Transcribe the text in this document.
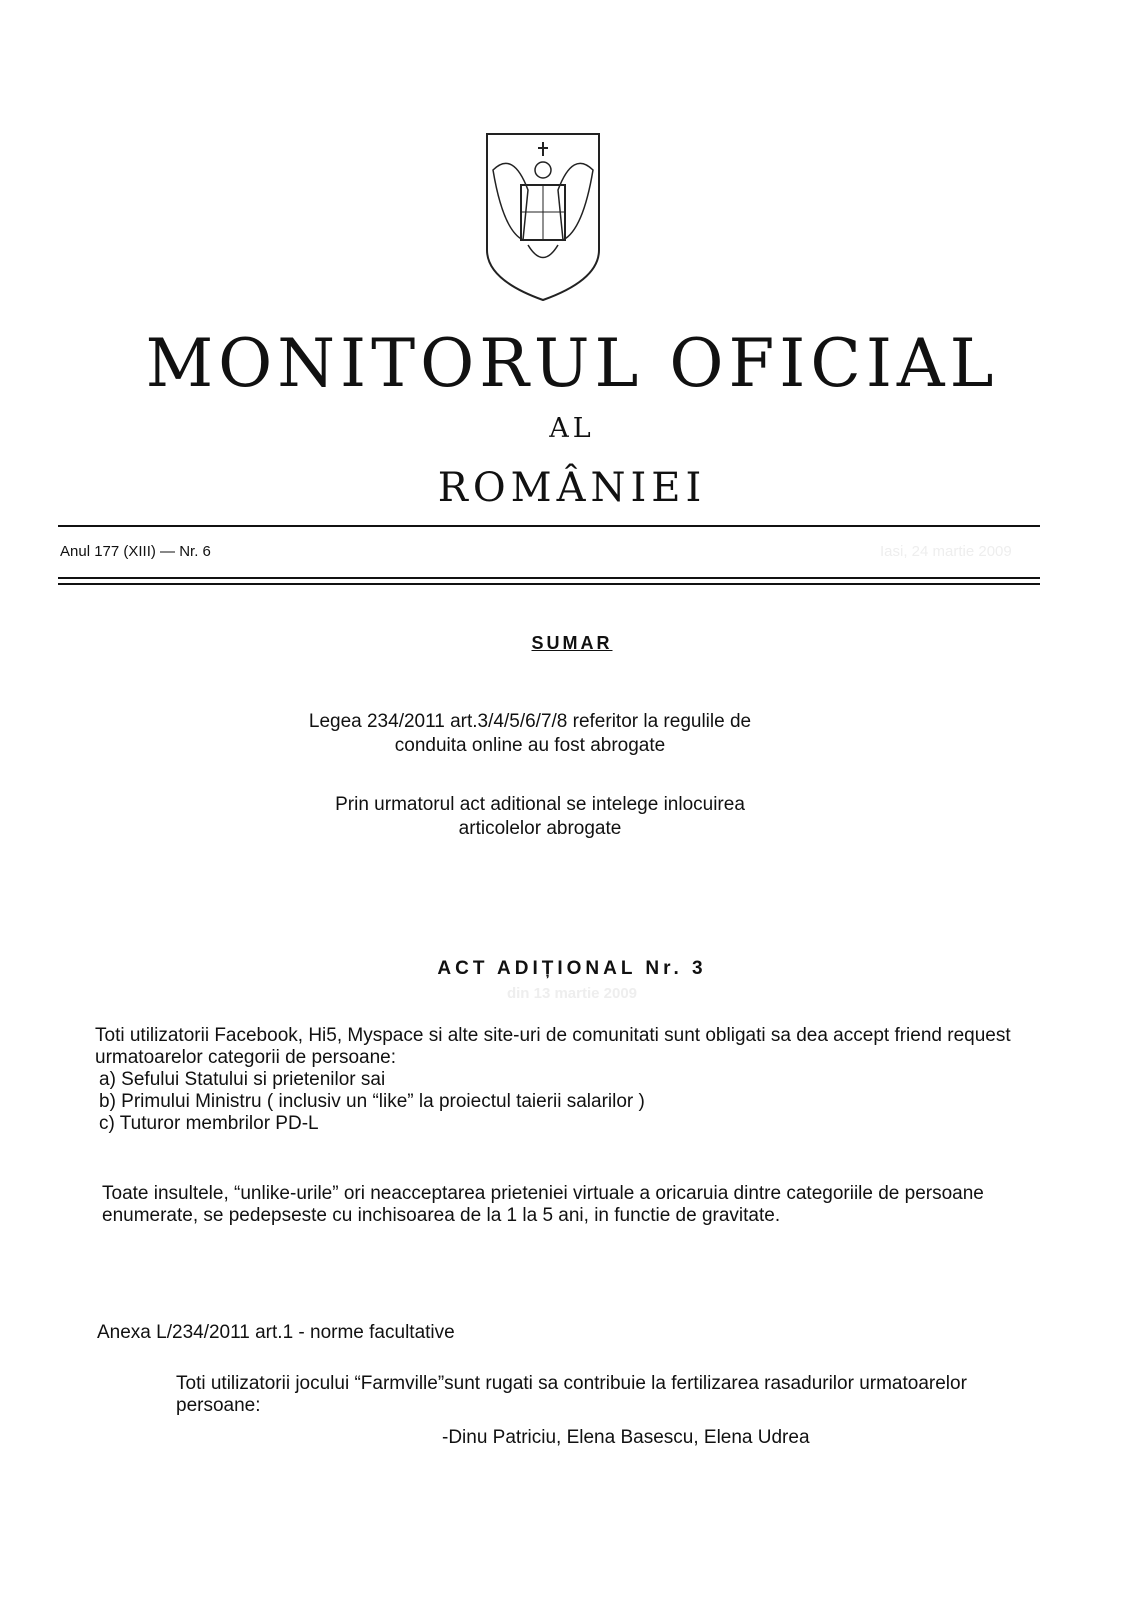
MONITORUL OFICIAL
AL
ROMÂNIEI
Anul 177 (XIII) — Nr. 6	Iasi, 24 martie 2009
SUMAR
Legea 234/2011 art.3/4/5/6/7/8 referitor la regulile de conduita online au fost abrogate
Prin urmatorul act aditional se intelege inlocuirea articolelor abrogate
ACT ADIȚIONAL Nr. 3
din 13 martie 2009
Toti utilizatorii Facebook, Hi5, Myspace si alte site-uri de comunitati sunt obligati sa dea accept friend request urmatoarelor categorii de persoane:
a) Sefului Statului si prietenilor sai
b) Primului Ministru ( inclusiv un “like” la proiectul taierii salarilor )
c) Tuturor membrilor PD-L
Toate insultele, “unlike-urile” ori neacceptarea prieteniei virtuale a oricaruia dintre categoriile de persoane enumerate, se pedepseste cu inchisoarea de la 1 la 5 ani, in functie de gravitate.
Anexa L/234/2011 art.1 - norme facultative
Toti utilizatorii jocului “Farmville”sunt rugati sa contribuie la fertilizarea rasadurilor urmatoarelor persoane:
-Dinu Patriciu, Elena Basescu, Elena Udrea
